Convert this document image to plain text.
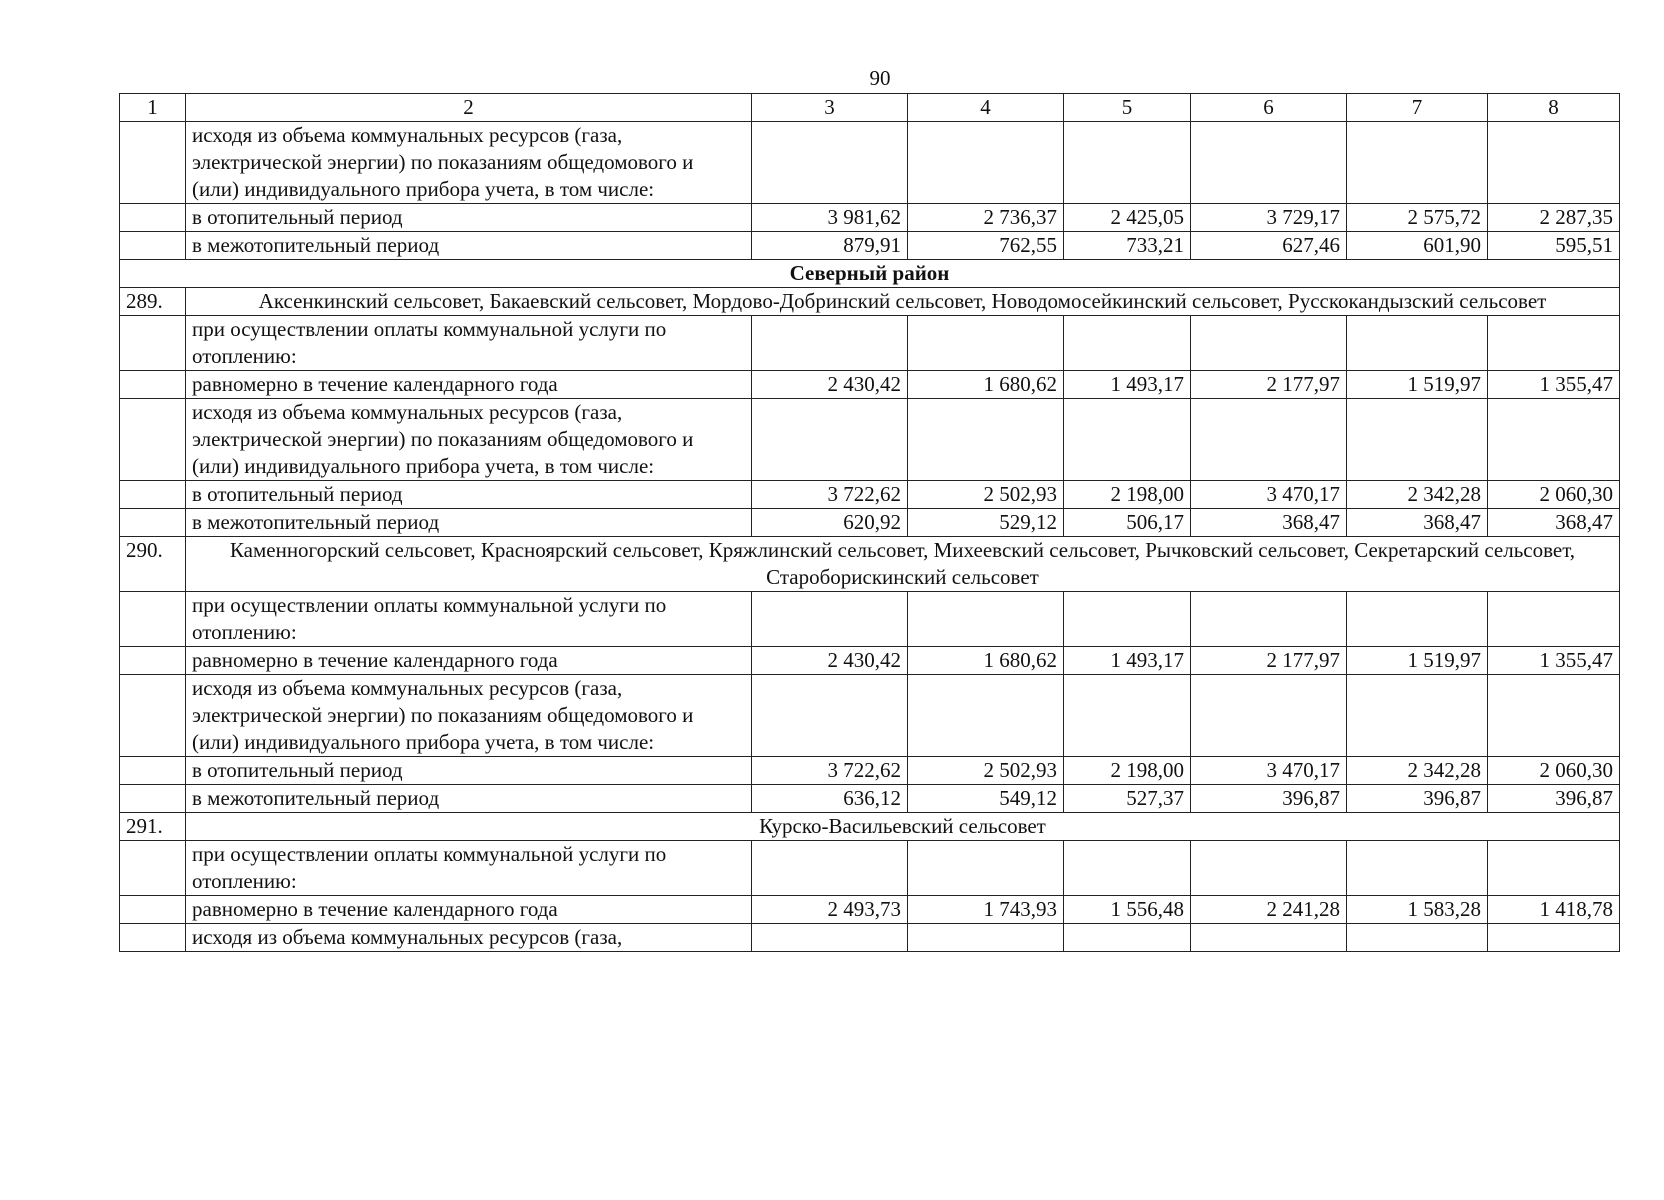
90
1	2	3	4	5	6	7	8
	исходя из объема коммунальных ресурсов (газа, электрической энергии) по показаниям общедомового и (или) индивидуального прибора учета, в том числе:						
	в отопительный период	3 981,62	2 736,37	2 425,05	3 729,17	2 575,72	2 287,35
	в межотопительный период	879,91	762,55	733,21	627,46	601,90	595,51
Северный район							
289.	Аксенкинский сельсовет, Бакаевский сельсовет, Мордово-Добринский сельсовет, Новодомосейкинский сельсовет, Русскокандызский сельсовет						
	при осуществлении оплаты коммунальной услуги по отоплению:						
	равномерно в течение календарного года	2 430,42	1 680,62	1 493,17	2 177,97	1 519,97	1 355,47
	исходя из объема коммунальных ресурсов (газа, электрической энергии) по показаниям общедомового и (или) индивидуального прибора учета, в том числе:						
	в отопительный период	3 722,62	2 502,93	2 198,00	3 470,17	2 342,28	2 060,30
	в межотопительный период	620,92	529,12	506,17	368,47	368,47	368,47
290.	Каменногорский сельсовет, Красноярский сельсовет, Кряжлинский сельсовет, Михеевский сельсовет, Рычковский сельсовет, Секретарский сельсовет, Староборискинский сельсовет						
	при осуществлении оплаты коммунальной услуги по отоплению:						
	равномерно в течение календарного года	2 430,42	1 680,62	1 493,17	2 177,97	1 519,97	1 355,47
	исходя из объема коммунальных ресурсов (газа, электрической энергии) по показаниям общедомового и (или) индивидуального прибора учета, в том числе:						
	в отопительный период	3 722,62	2 502,93	2 198,00	3 470,17	2 342,28	2 060,30
	в межотопительный период	636,12	549,12	527,37	396,87	396,87	396,87
291.	Курско-Васильевский сельсовет						
	при осуществлении оплаты коммунальной услуги по отоплению:						
	равномерно в течение календарного года	2 493,73	1 743,93	1 556,48	2 241,28	1 583,28	1 418,78
	исходя из объема коммунальных ресурсов (газа,						
